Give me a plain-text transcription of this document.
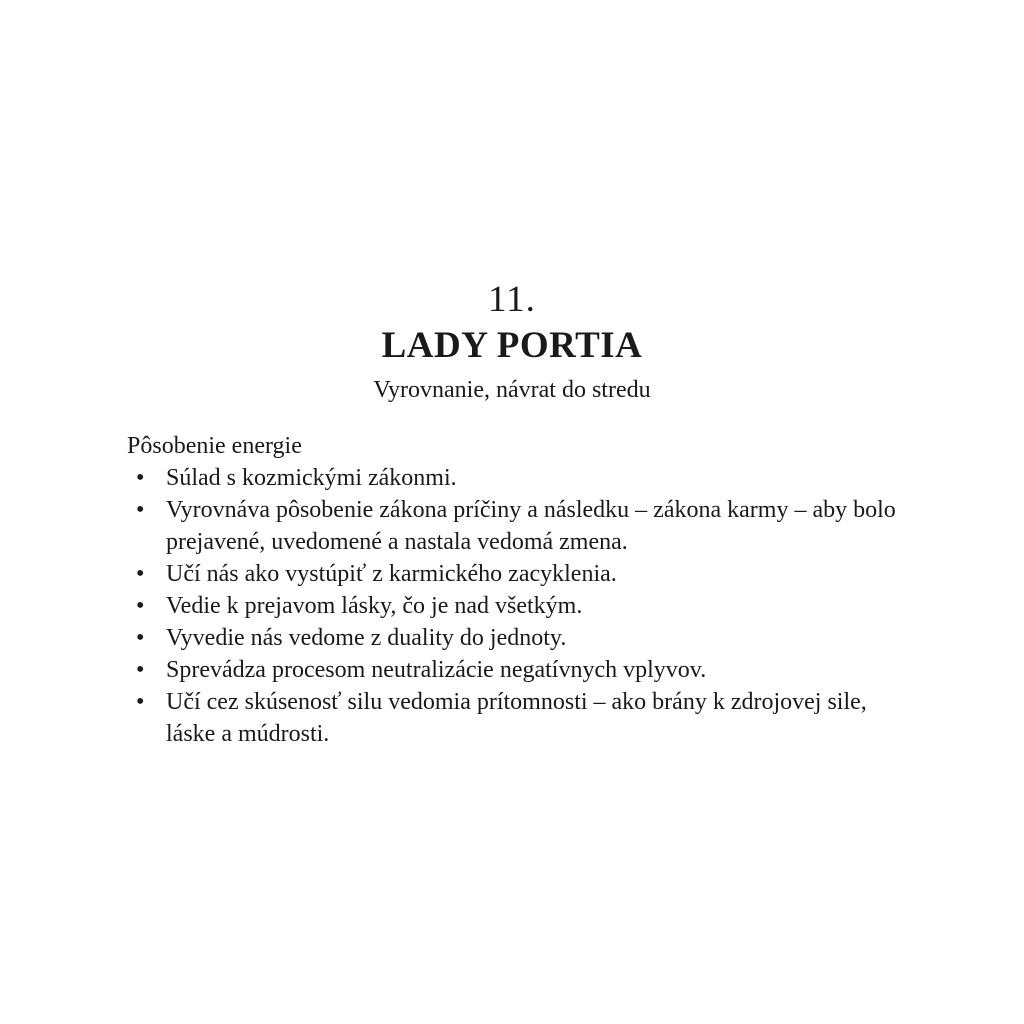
11.
LADY PORTIA
Vyrovnanie, návrat do stredu
Pôsobenie energie
• Súlad s kozmickými zákonmi.
• Vyrovnáva pôsobenie zákona príčiny a následku – zákona karmy – aby bolo prejavené, uvedomené a nastala vedomá zmena.
• Učí nás ako vystúpiť z karmického zacyklenia.
• Vedie k prejavom lásky, čo je nad všetkým.
• Vyvedie nás vedome z duality do jednoty.
• Sprevádza procesom neutralizácie negatívnych vplyvov.
• Učí cez skúsenosť silu vedomia prítomnosti – ako brány k zdrojovej sile, láske a múdrosti.
